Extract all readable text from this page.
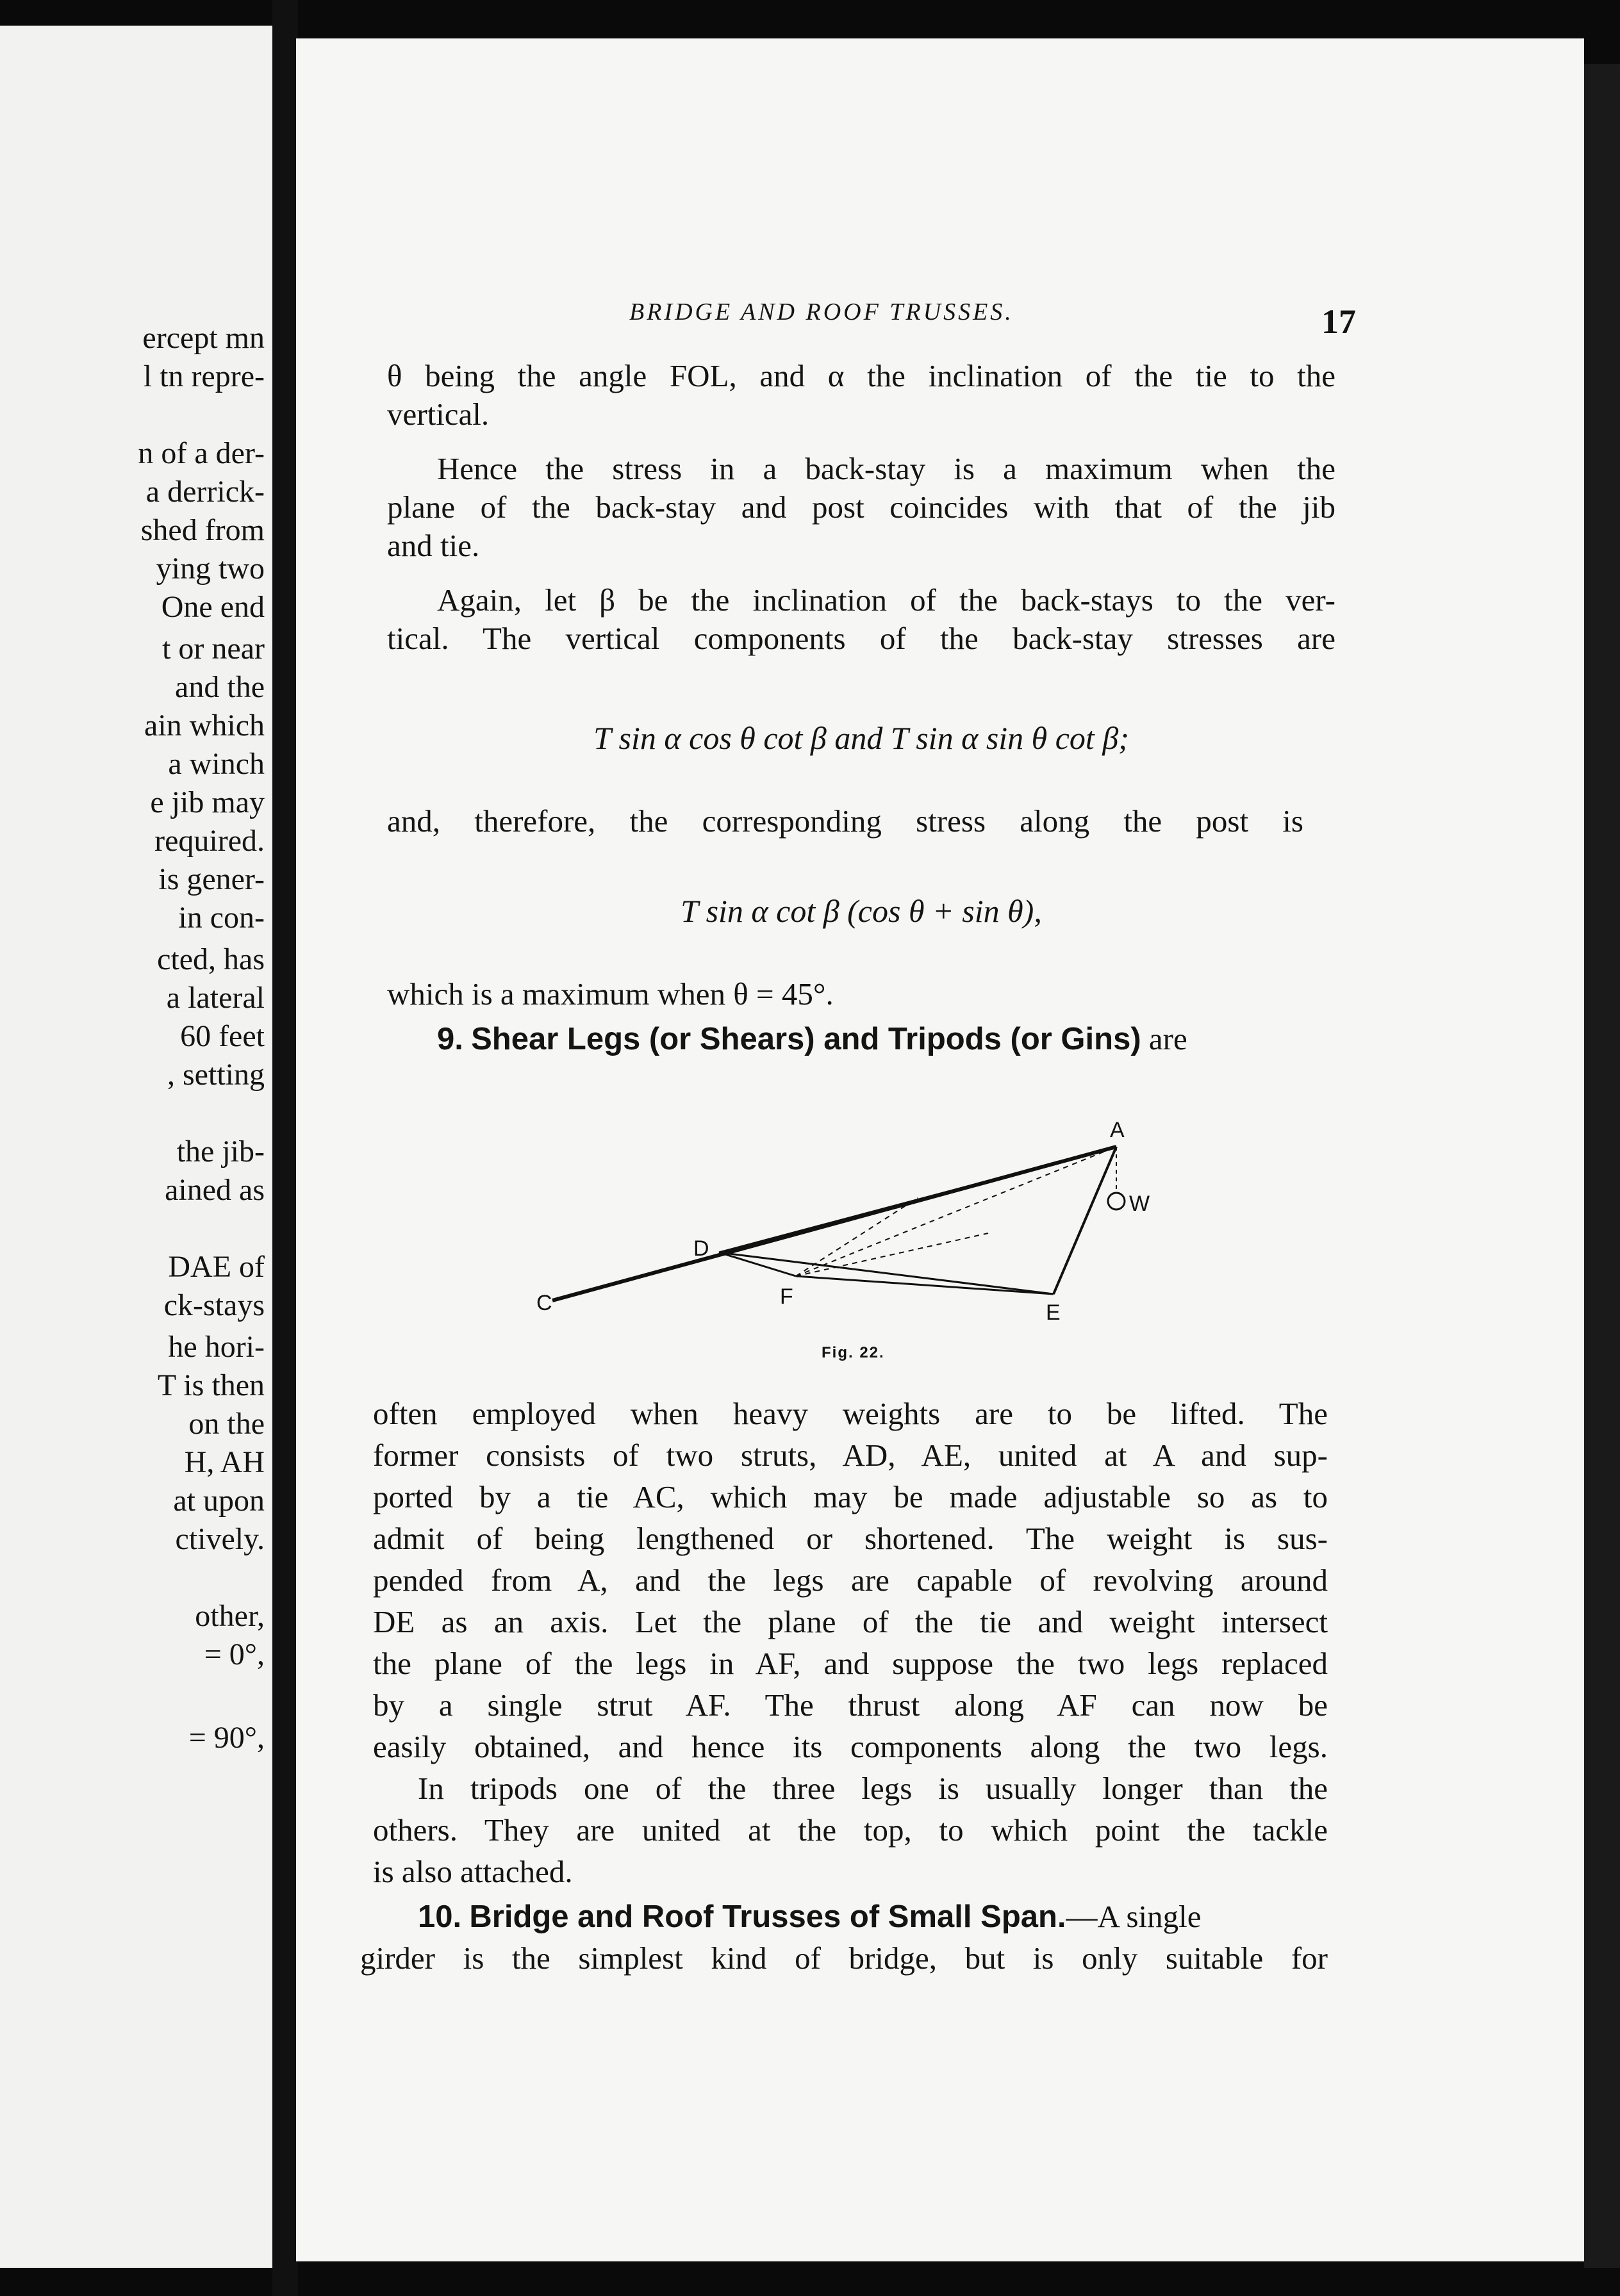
ercept mn
l tn repre-
n of a der-
a derrick-
shed from
ying two
One end
t or near
and the
ain which
a winch
e jib may
required.
is gener-
in con-
cted, has
a lateral
60 feet
, setting
the jib-
ained as
DAE of
ck-stays
he hori-
T is then
on the
H, AH
at upon
ctively.
other,
= 0°,
= 90°,
BRIDGE AND ROOF TRUSSES.	17
θ being the angle FOL, and α the inclination of the tie to the
vertical.
Hence the stress in a back-stay is a maximum when the
plane of the back-stay and post coincides with that of the jib
and tie.
Again, let β be the inclination of the back-stays to the ver-
tical. The vertical components of the back-stay stresses are
T sin α cos θ cot β and T sin α sin θ cot β;
and, therefore, the corresponding stress along the post is
T sin α cot β (cos θ + sin θ),
which is a maximum when θ = 45°.
9. Shear Legs (or Shears) and Tripods (or Gins) are
A
W
D
F
E
C
Fig. 22.
often employed when heavy weights are to be lifted. The
former consists of two struts, AD, AE, united at A and sup-
ported by a tie AC, which may be made adjustable so as to
admit of being lengthened or shortened. The weight is sus-
pended from A, and the legs are capable of revolving around
DE as an axis. Let the plane of the tie and weight intersect
the plane of the legs in AF, and suppose the two legs replaced
by a single strut AF. The thrust along AF can now be
easily obtained, and hence its components along the two legs.
In tripods one of the three legs is usually longer than the
others. They are united at the top, to which point the tackle
is also attached.
10. Bridge and Roof Trusses of Small Span.—A single
girder is the simplest kind of bridge, but is only suitable for
